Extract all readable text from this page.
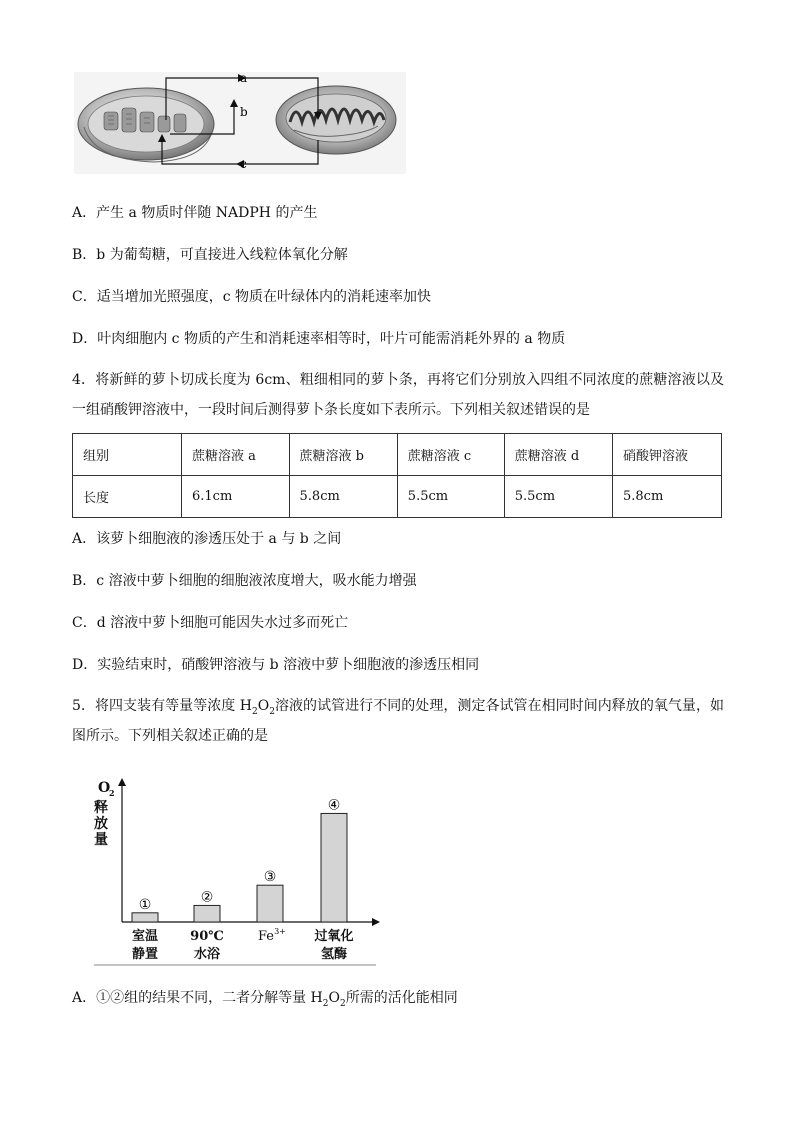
a
b
c
A．产生 a 物质时伴随 NADPH 的产生
B．b 为葡萄糖，可直接进入线粒体氧化分解
C．适当增加光照强度，c 物质在叶绿体内的消耗速率加快
D．叶肉细胞内 c 物质的产生和消耗速率相等时，叶片可能需消耗外界的 a 物质
4．将新鲜的萝卜切成长度为 6cm、粗细相同的萝卜条，再将它们分别放入四组不同浓度的蔗糖溶液以及一组硝酸钾溶液中，一段时间后测得萝卜条长度如下表所示。下列相关叙述错误的是
组别	蔗糖溶液 a	蔗糖溶液 b	蔗糖溶液 c	蔗糖溶液 d	硝酸钾溶液
长度	6.1cm	5.8cm	5.5cm	5.5cm	5.8cm
A．该萝卜细胞液的渗透压处于 a 与 b 之间
B．c 溶液中萝卜细胞的细胞液浓度增大，吸水能力增强
C．d 溶液中萝卜细胞可能因失水过多而死亡
D．实验结束时，硝酸钾溶液与 b 溶液中萝卜细胞液的渗透压相同
5．将四支装有等量等浓度 $H_2O_2$溶液的试管进行不同的处理，测定各试管在相同时间内释放的氧气量，如图所示。下列相关叙述正确的是
O
2
释
放
量
①	②
③
④
室温
静置
90℃
水浴
Fe 3+ 过氧化
氢酶
A．①②组的结果不同，二者分解等量 $H_2O_2$所需的活化能相同
